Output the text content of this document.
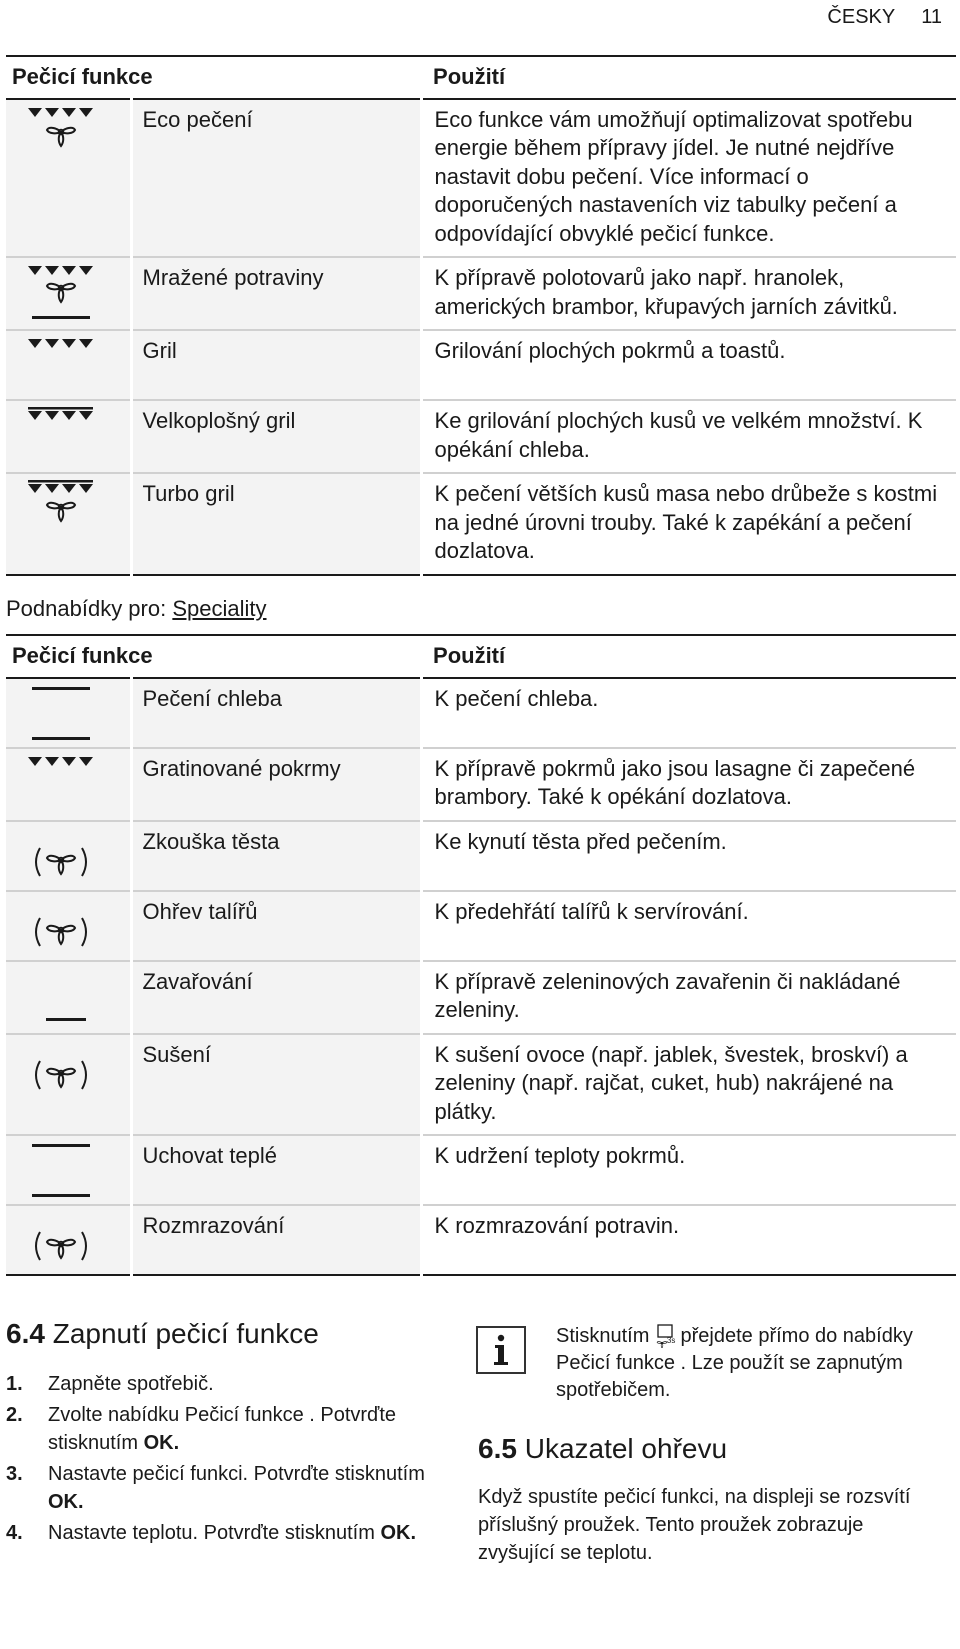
ČESKY 11
Pečicí funkce		Použití

	Eco pečení	Eco funkce vám umožňují optimalizovat spotřebu energie během přípravy jídel. Je nutné nejdříve nastavit dobu pečení. Více informací o doporučených nastaveních viz tabulky pečení a odpovídající obvyklé pečicí funkce.

	Mražené potraviny	K přípravě polotovarů jako např. hranolek, amerických brambor, křupavých jarních závitků.

	Gril	Grilování plochých pokrmů a toastů.

	Velkoplošný gril	Ke grilování plochých kusů ve velkém množství. K opékání chleba.

	Turbo gril	K pečení větších kusů masa nebo drůbeže s kostmi na jedné úrovni trouby. Také k zapékání a pečení dozlatova.
Podnabídky pro: Speciality
Pečicí funkce		Použití

	Pečení chleba	K pečení chleba.

	Gratinované pokrmy	K přípravě pokrmů jako jsou lasagne či zapečené brambory. Také k opékání dozlatova.

	Zkouška těsta	Ke kynutí těsta před pečením.

	Ohřev talířů	K předehřátí talířů k servírování.

	Zavařování	K přípravě zeleninových zavařenin či nakládané zeleniny.

	Sušení	K sušení ovoce (např. jablek, švestek, broskví) a zeleniny (např. rajčat, cuket, hub) nakrájené na plátky.

	Uchovat teplé	K udržení teploty pokrmů.

	Rozmrazování	K rozmrazování potravin.
6.4 Zapnutí pečicí funkce
1. Zapněte spotřebič.
2. Zvolte nabídku Pečicí funkce . Potvrďte stisknutím OK.
3. Nastavte pečicí funkci. Potvrďte stisknutím OK.
4. Nastavte teplotu. Potvrďte stisknutím OK.
Stisknutím 3s přejdete přímo do nabídky Pečicí funkce . Lze použít se zapnutým spotřebičem.
6.5 Ukazatel ohřevu
Když spustíte pečicí funkci, na displeji se rozsvítí příslušný proužek. Tento proužek zobrazuje zvyšující se teplotu.
